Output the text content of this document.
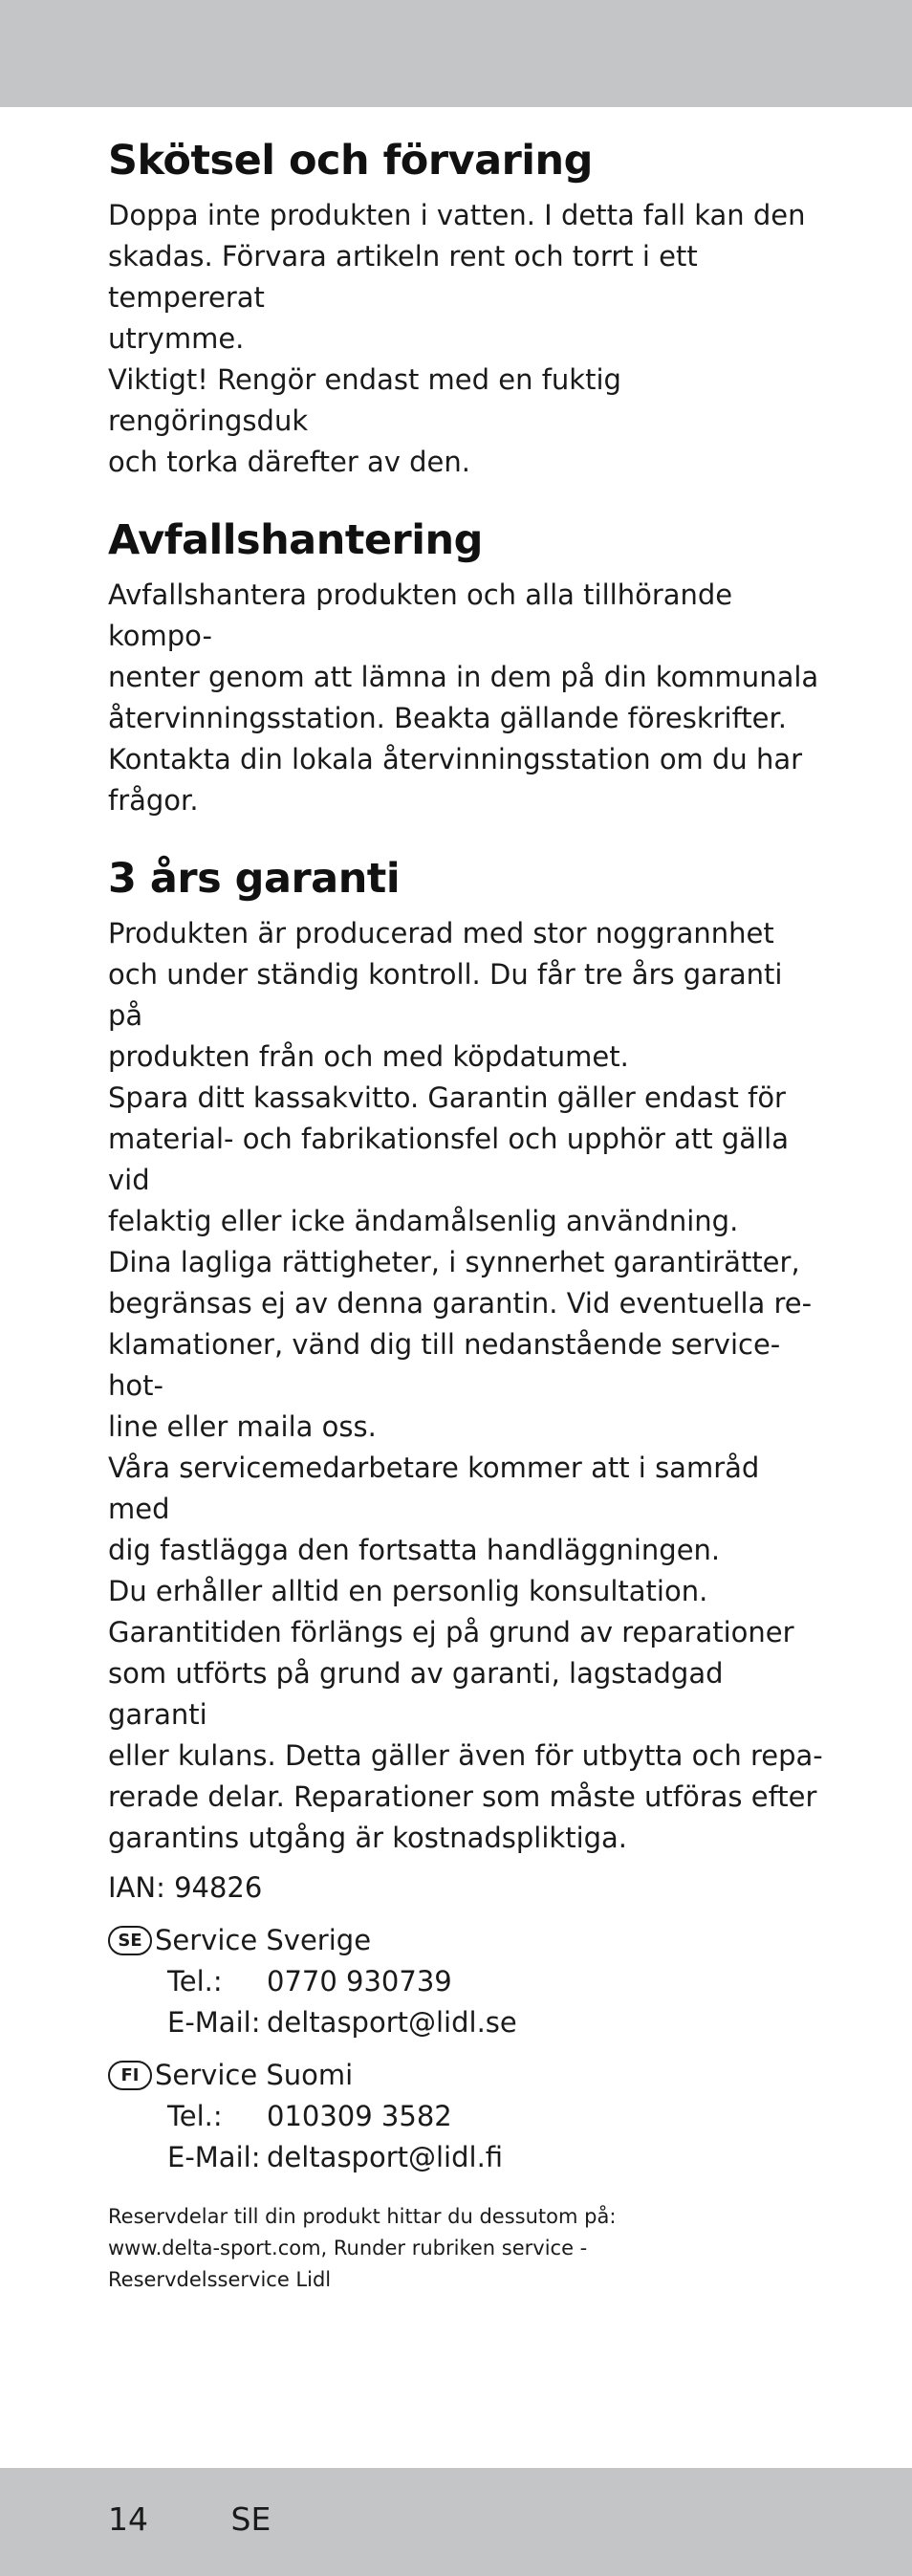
Skötsel och förvaring

Doppa inte produkten i vatten. I detta fall kan den

skadas. Förvara artikeln rent och torrt i ett tempererat

utrymme.

Viktigt! Rengör endast med en fuktig rengöringsduk

och torka därefter av den.

Avfallshantering

Avfallshantera produkten och alla tillhörande kompo-

nenter genom att lämna in dem på din kommunala

återvinningsstation. Beakta gällande föreskrifter.

Kontakta din lokala återvinningsstation om du har

frågor.

3 års garanti

Produkten är producerad med stor noggrannhet

och under ständig kontroll. Du får tre års garanti på

produkten från och med köpdatumet.

Spara ditt kassakvitto. Garantin gäller endast för

material- och fabrikationsfel och upphör att gälla vid

felaktig eller icke ändamålsenlig användning.

Dina lagliga rättigheter, i synnerhet garantirätter,

begränsas ej av denna garantin. Vid eventuella re-

klamationer, vänd dig till nedanstående service-hot-

line eller maila oss.

Våra servicemedarbetare kommer att i samråd med

dig fastlägga den fortsatta handläggningen.

Du erhåller alltid en personlig konsultation.

Garantitiden förlängs ej på grund av reparationer

som utförts på grund av garanti, lagstadgad garanti

eller kulans. Detta gäller även för utbytta och repa-

rerade delar. Reparationer som måste utföras efter

garantins utgång är kostnadspliktiga.

IAN: 94826

SE Service Sverige
Tel.:	0770 930739
E-Mail: deltasport@lidl.se
FI Service Suomi
Tel.:	010309 3582
E-Mail: deltasport@lidl.fi

Reservdelar till din produkt hittar du dessutom på:

www.delta-sport.com, Runder rubriken service -

Reservdelsservice Lidl

14	SE
